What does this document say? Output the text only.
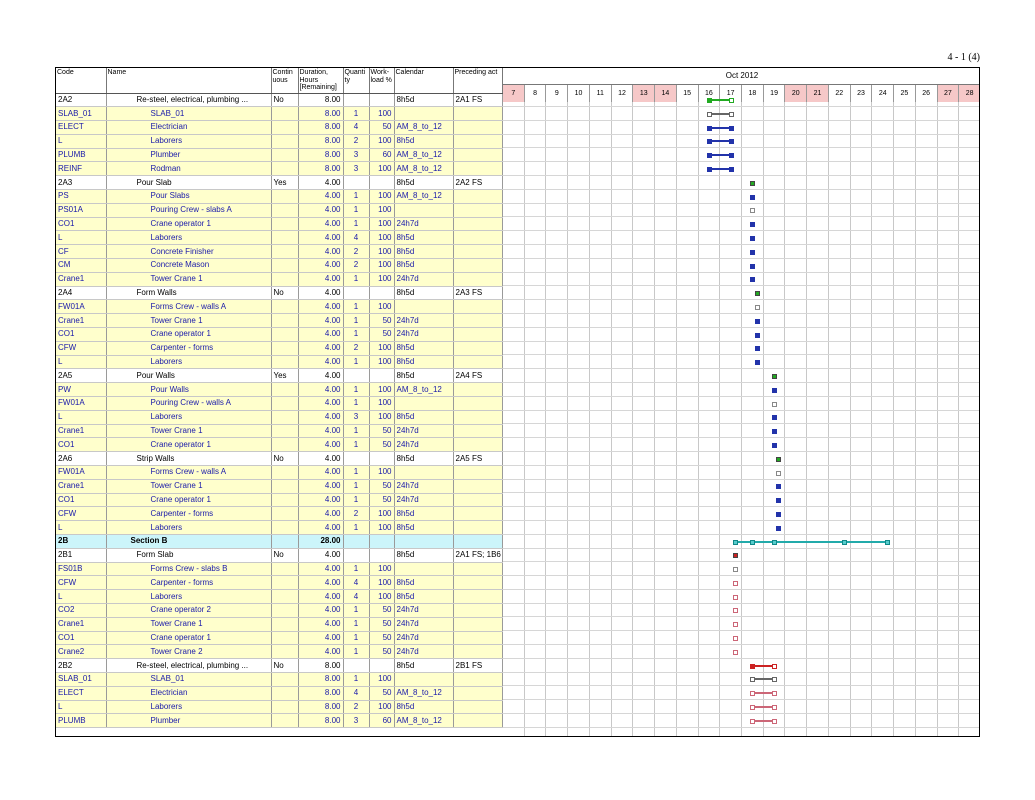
4 - 1 (4)
Code	Name	Contin uous	Duration, Hours [Remaining]	Quanti ty	Work-load %	Calendar	Preceding act
2A2	Re-steel, electrical, plumbing ...	No	8.00			8h5d	2A1 FS
SLAB_01	SLAB_01		8.00	1	100		
ELECT	Electrician		8.00	4	50	AM_8_to_12	
L	Laborers		8.00	2	100	8h5d	
PLUMB	Plumber		8.00	3	60	AM_8_to_12	
REINF	Rodman		8.00	3	100	AM_8_to_12	
2A3	Pour Slab	Yes	4.00			8h5d	2A2 FS
PS	Pour Slabs		4.00	1	100	AM_8_to_12	
PS01A	Pouring Crew - slabs A		4.00	1	100		
CO1	Crane operator 1		4.00	1	100	24h7d	
L	Laborers		4.00	4	100	8h5d	
CF	Concrete Finisher		4.00	2	100	8h5d	
CM	Concrete Mason		4.00	2	100	8h5d	
Crane1	Tower Crane 1		4.00	1	100	24h7d	
2A4	Form Walls	No	4.00			8h5d	2A3 FS
FW01A	Forms Crew - walls A		4.00	1	100		
Crane1	Tower Crane 1		4.00	1	50	24h7d	
CO1	Crane operator 1		4.00	1	50	24h7d	
CFW	Carpenter - forms		4.00	2	100	8h5d	
L	Laborers		4.00	1	100	8h5d	
2A5	Pour Walls	Yes	4.00			8h5d	2A4 FS
PW	Pour Walls		4.00	1	100	AM_8_to_12	
FW01A	Pouring Crew - walls A		4.00	1	100		
L	Laborers		4.00	3	100	8h5d	
Crane1	Tower Crane 1		4.00	1	50	24h7d	
CO1	Crane operator 1		4.00	1	50	24h7d	
2A6	Strip Walls	No	4.00			8h5d	2A5 FS
FW01A	Forms Crew - walls A		4.00	1	100		
Crane1	Tower Crane 1		4.00	1	50	24h7d	
CO1	Crane operator 1		4.00	1	50	24h7d	
CFW	Carpenter - forms		4.00	2	100	8h5d	
L	Laborers		4.00	1	100	8h5d	
2B	Section B		28.00				
2B1	Form Slab	No	4.00			8h5d	2A1 FS; 1B6
FS01B	Forms Crew - slabs B		4.00	1	100		
CFW	Carpenter - forms		4.00	4	100	8h5d	
L	Laborers		4.00	4	100	8h5d	
CO2	Crane operator 2		4.00	1	50	24h7d	
Crane1	Tower Crane 1		4.00	1	50	24h7d	
CO1	Crane operator 1		4.00	1	50	24h7d	
Crane2	Tower Crane 2		4.00	1	50	24h7d	
2B2	Re-steel, electrical, plumbing ...	No	8.00			8h5d	2B1 FS
SLAB_01	SLAB_01		8.00	1	100		
ELECT	Electrician		8.00	4	50	AM_8_to_12	
L	Laborers		8.00	2	100	8h5d	
PLUMB	Plumber		8.00	3	60	AM_8_to_12	
Oct 2012
7	8	9	10	11	12	13	14	15	16	17	18	19	20	21	22	23	24	25	26	27	28
